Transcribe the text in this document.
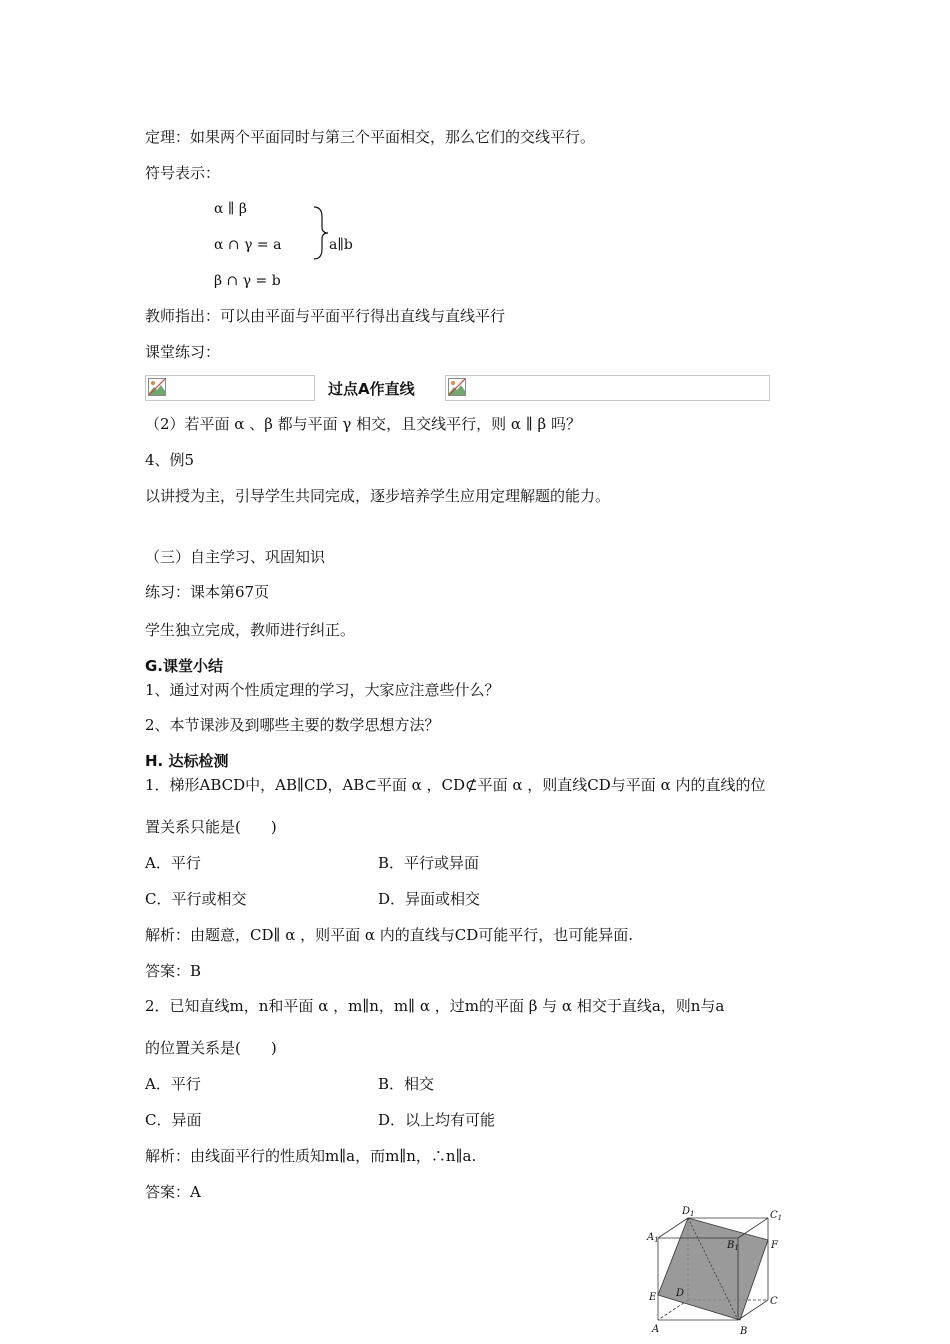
定理：如果两个平面同时与第三个平面相交，那么它们的交线平行。
符号表示：
α ∥ β
α ∩ γ = a
β ∩ γ = b
a∥b
教师指出：可以由平面与平面平行得出直线与直线平行
课堂练习：
过点A作直线
（2）若平面 α 、β 都与平面 γ 相交，且交线平行，则 α ∥ β 吗？
4、例5
以讲授为主，引导学生共同完成，逐步培养学生应用定理解题的能力。
（三）自主学习、巩固知识
练习：课本第67页
学生独立完成，教师进行纠正。
G.课堂小结
1、通过对两个性质定理的学习，大家应注意些什么？
2、本节课涉及到哪些主要的数学思想方法？
H. 达标检测
1．梯形ABCD中，AB∥CD，AB⊂平面 α ，CD⊄平面 α ，则直线CD与平面 α 内的直线的位
置关系只能是(　　)
A．平行	B．平行或异面
C．平行或相交	D．异面或相交
解析：由题意，CD∥ α ，则平面 α 内的直线与CD可能平行，也可能异面.
答案：B
2．已知直线m，n和平面 α ，m∥n，m∥ α ，过m的平面 β 与 α 相交于直线a，则n与a
的位置关系是(　　)
A．平行	B．相交
C．异面	D．以上均有可能
解析：由线面平行的性质知m∥a，而m∥n，∴n∥a.
答案：A
$D_1$	$C_1$
$A_1$	$B_1$	F
E D
C
A	B
